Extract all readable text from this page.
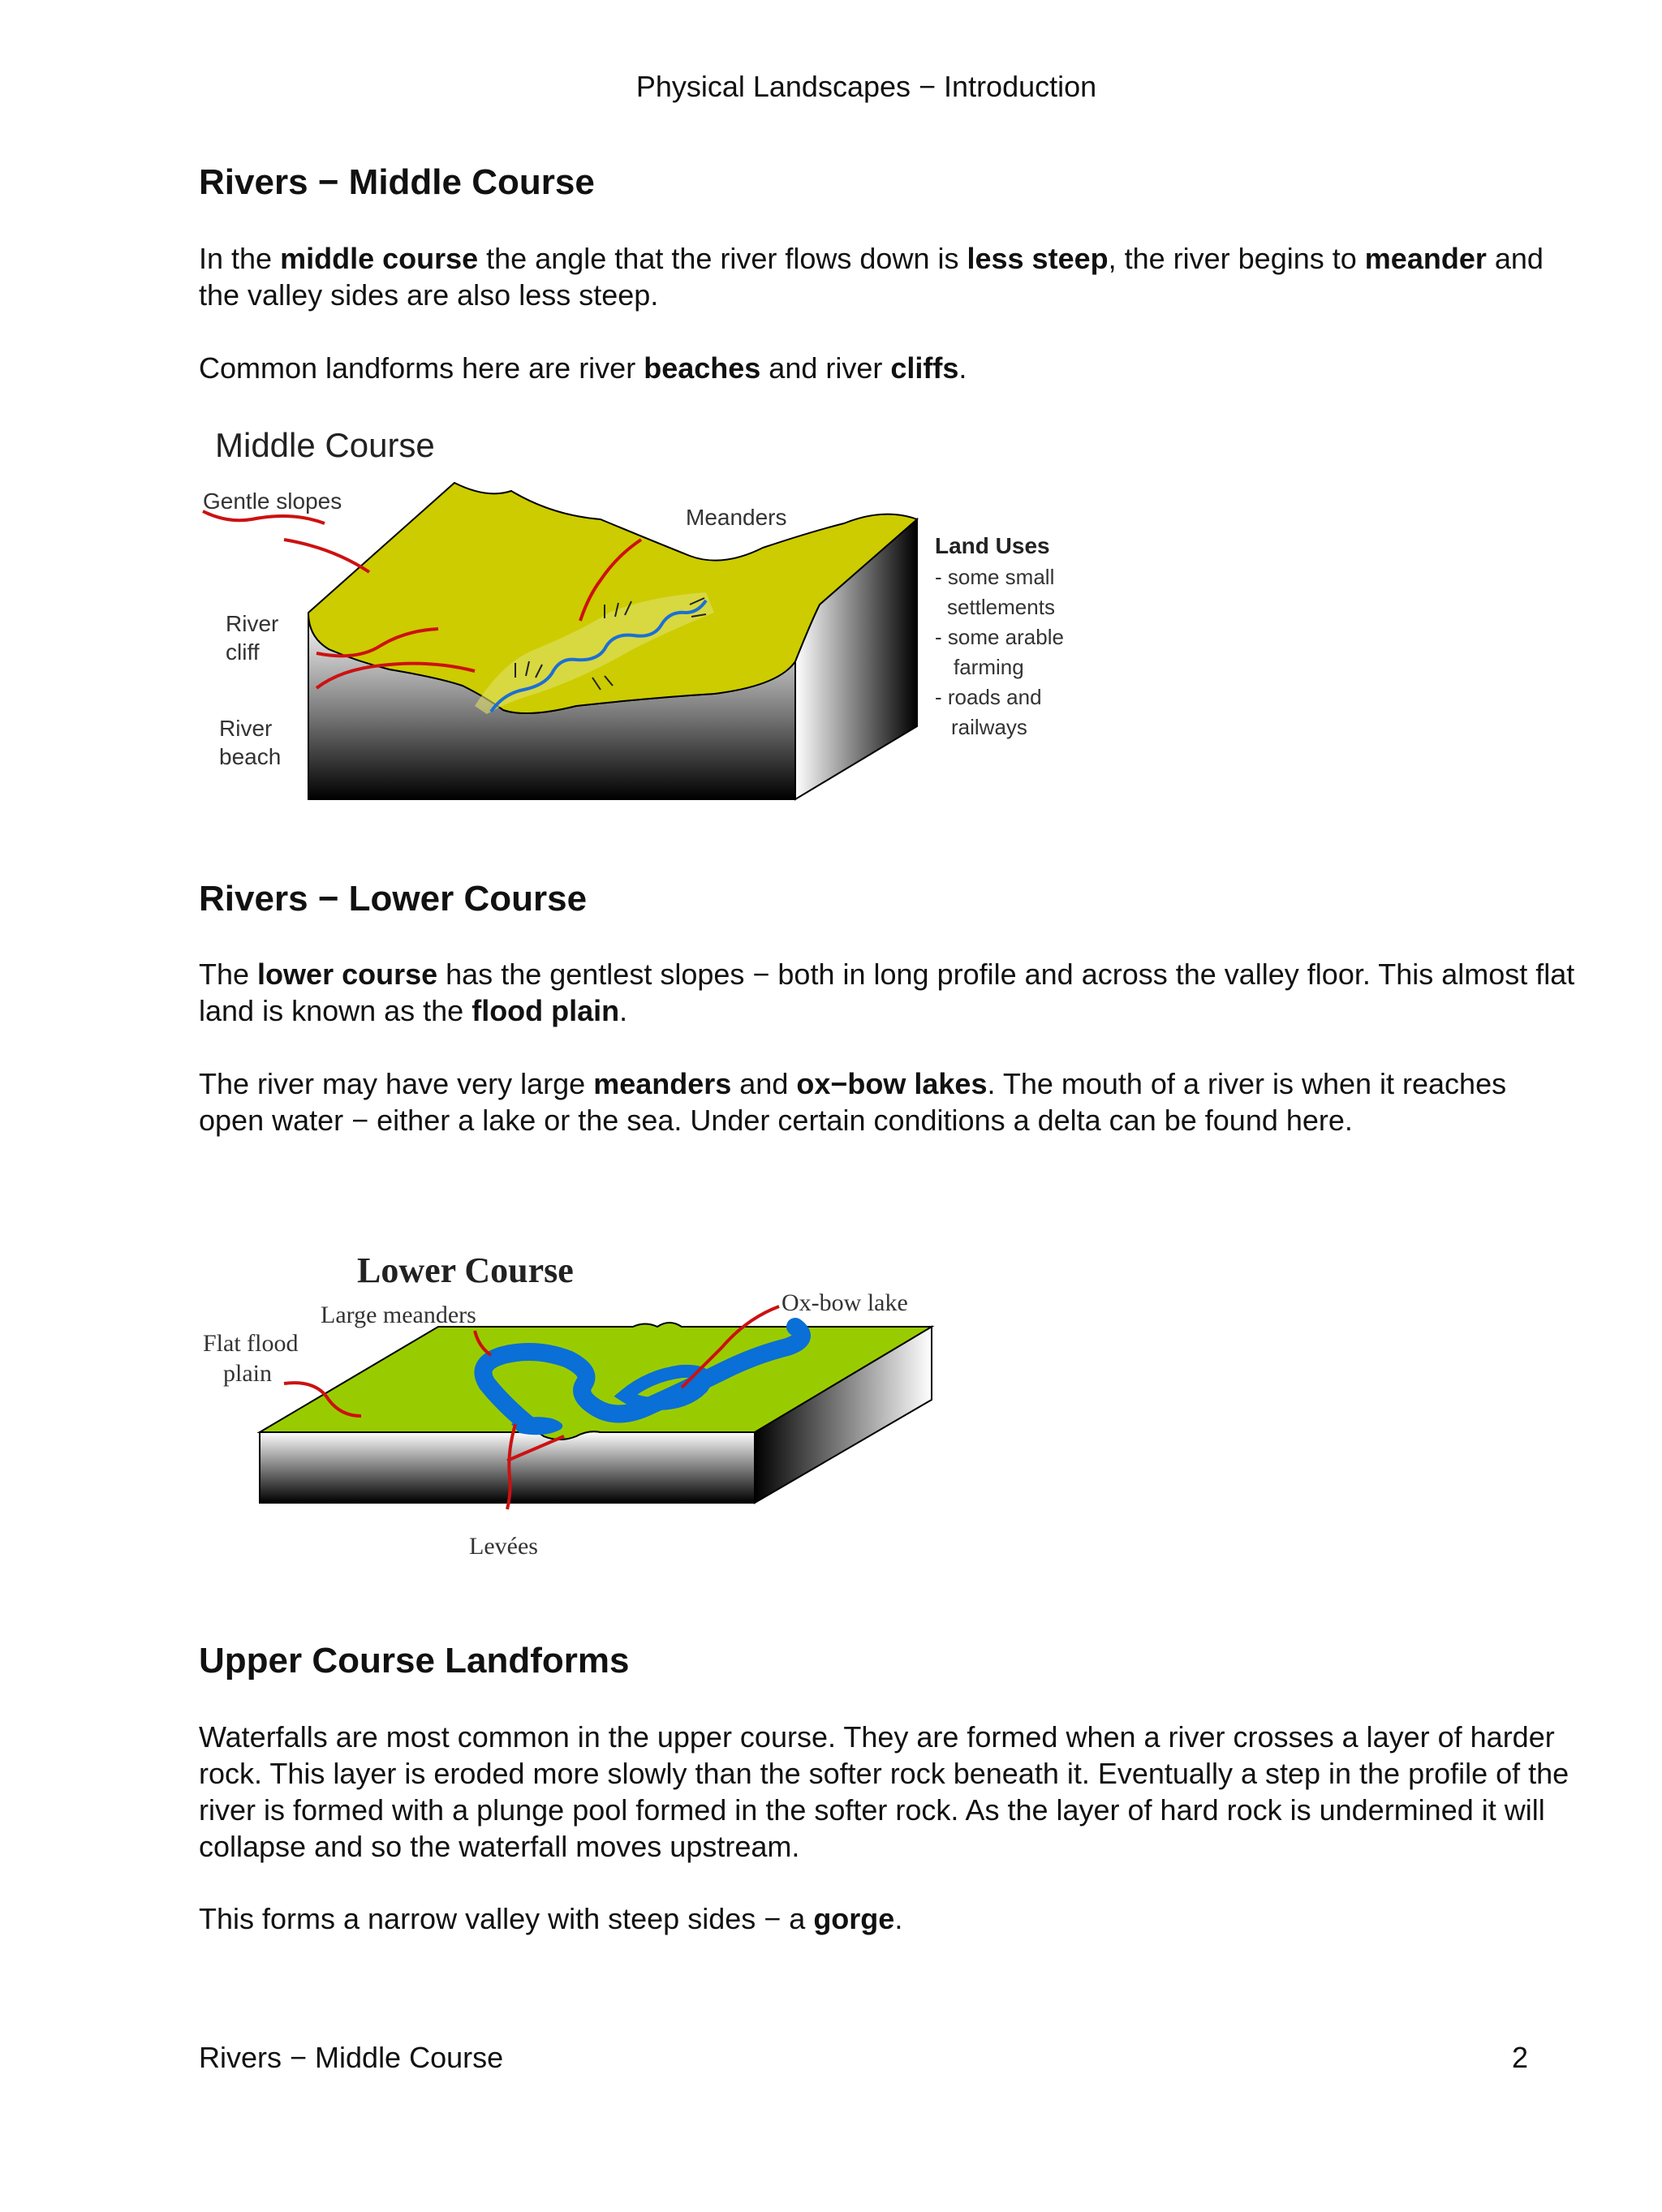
Physical Landscapes − Introduction
Rivers − Middle Course

In the middle course the angle that the river flows down is less steep, the river begins to meander and the valley sides are also less steep.

Common landforms here are river beaches and river cliffs.

Middle Course
Gentle slopes
Meanders
River
cliff
River
beach
Land Uses
- some small
settlements
- some arable
farming
- roads and
railways
Rivers − Lower Course

The lower course has the gentlest slopes − both in long profile and across the valley floor. This almost flat land is known as the flood plain.

The river may have very large meanders and ox−bow lakes. The mouth of a river is when it reaches open water − either a lake or the sea. Under certain conditions a delta can be found here.

Lower Course
Large meanders	Ox-bow lake
Flat flood
plain
Levées
Upper Course Landforms

Waterfalls are most common in the upper course. They are formed when a river crosses a layer of harder rock. This layer is eroded more slowly than the softer rock beneath it. Eventually a step in the profile of the river is formed with a plunge pool formed in the softer rock. As the layer of hard rock is undermined it will collapse and so the waterfall moves upstream.

This forms a narrow valley with steep sides − a gorge.

Rivers − Middle Course	2
